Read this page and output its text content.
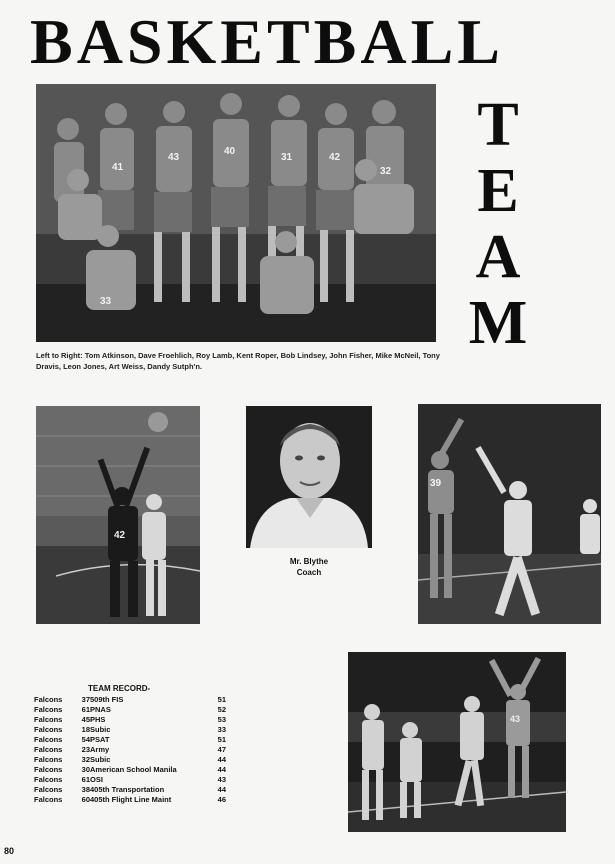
BASKETBALL
T
E
A
M
41
43
40
31	42
32
33
Left to Right: Tom Atkinson, Dave Froehlich, Roy Lamb, Kent Roper, Bob Lindsey, John Fisher, Mike McNeil, Tony Dravis, Leon Jones, Art Weiss, Dandy Sutph'n.
42
Mr. Blythe
Coach
39
TEAM RECORD-
Falcons	37	509th FIS	51
Falcons	61	PNAS	52
Falcons	45	PHS	53
Falcons	18	Subic	33
Falcons	54	PSAT	51
Falcons	23	Army	47
Falcons	32	Subic	44
Falcons	30	American School Manila	44
Falcons	61	OSI	43
Falcons	38	405th Transportation	44
Falcons	60	405th Flight Line Maint	46
43
80
